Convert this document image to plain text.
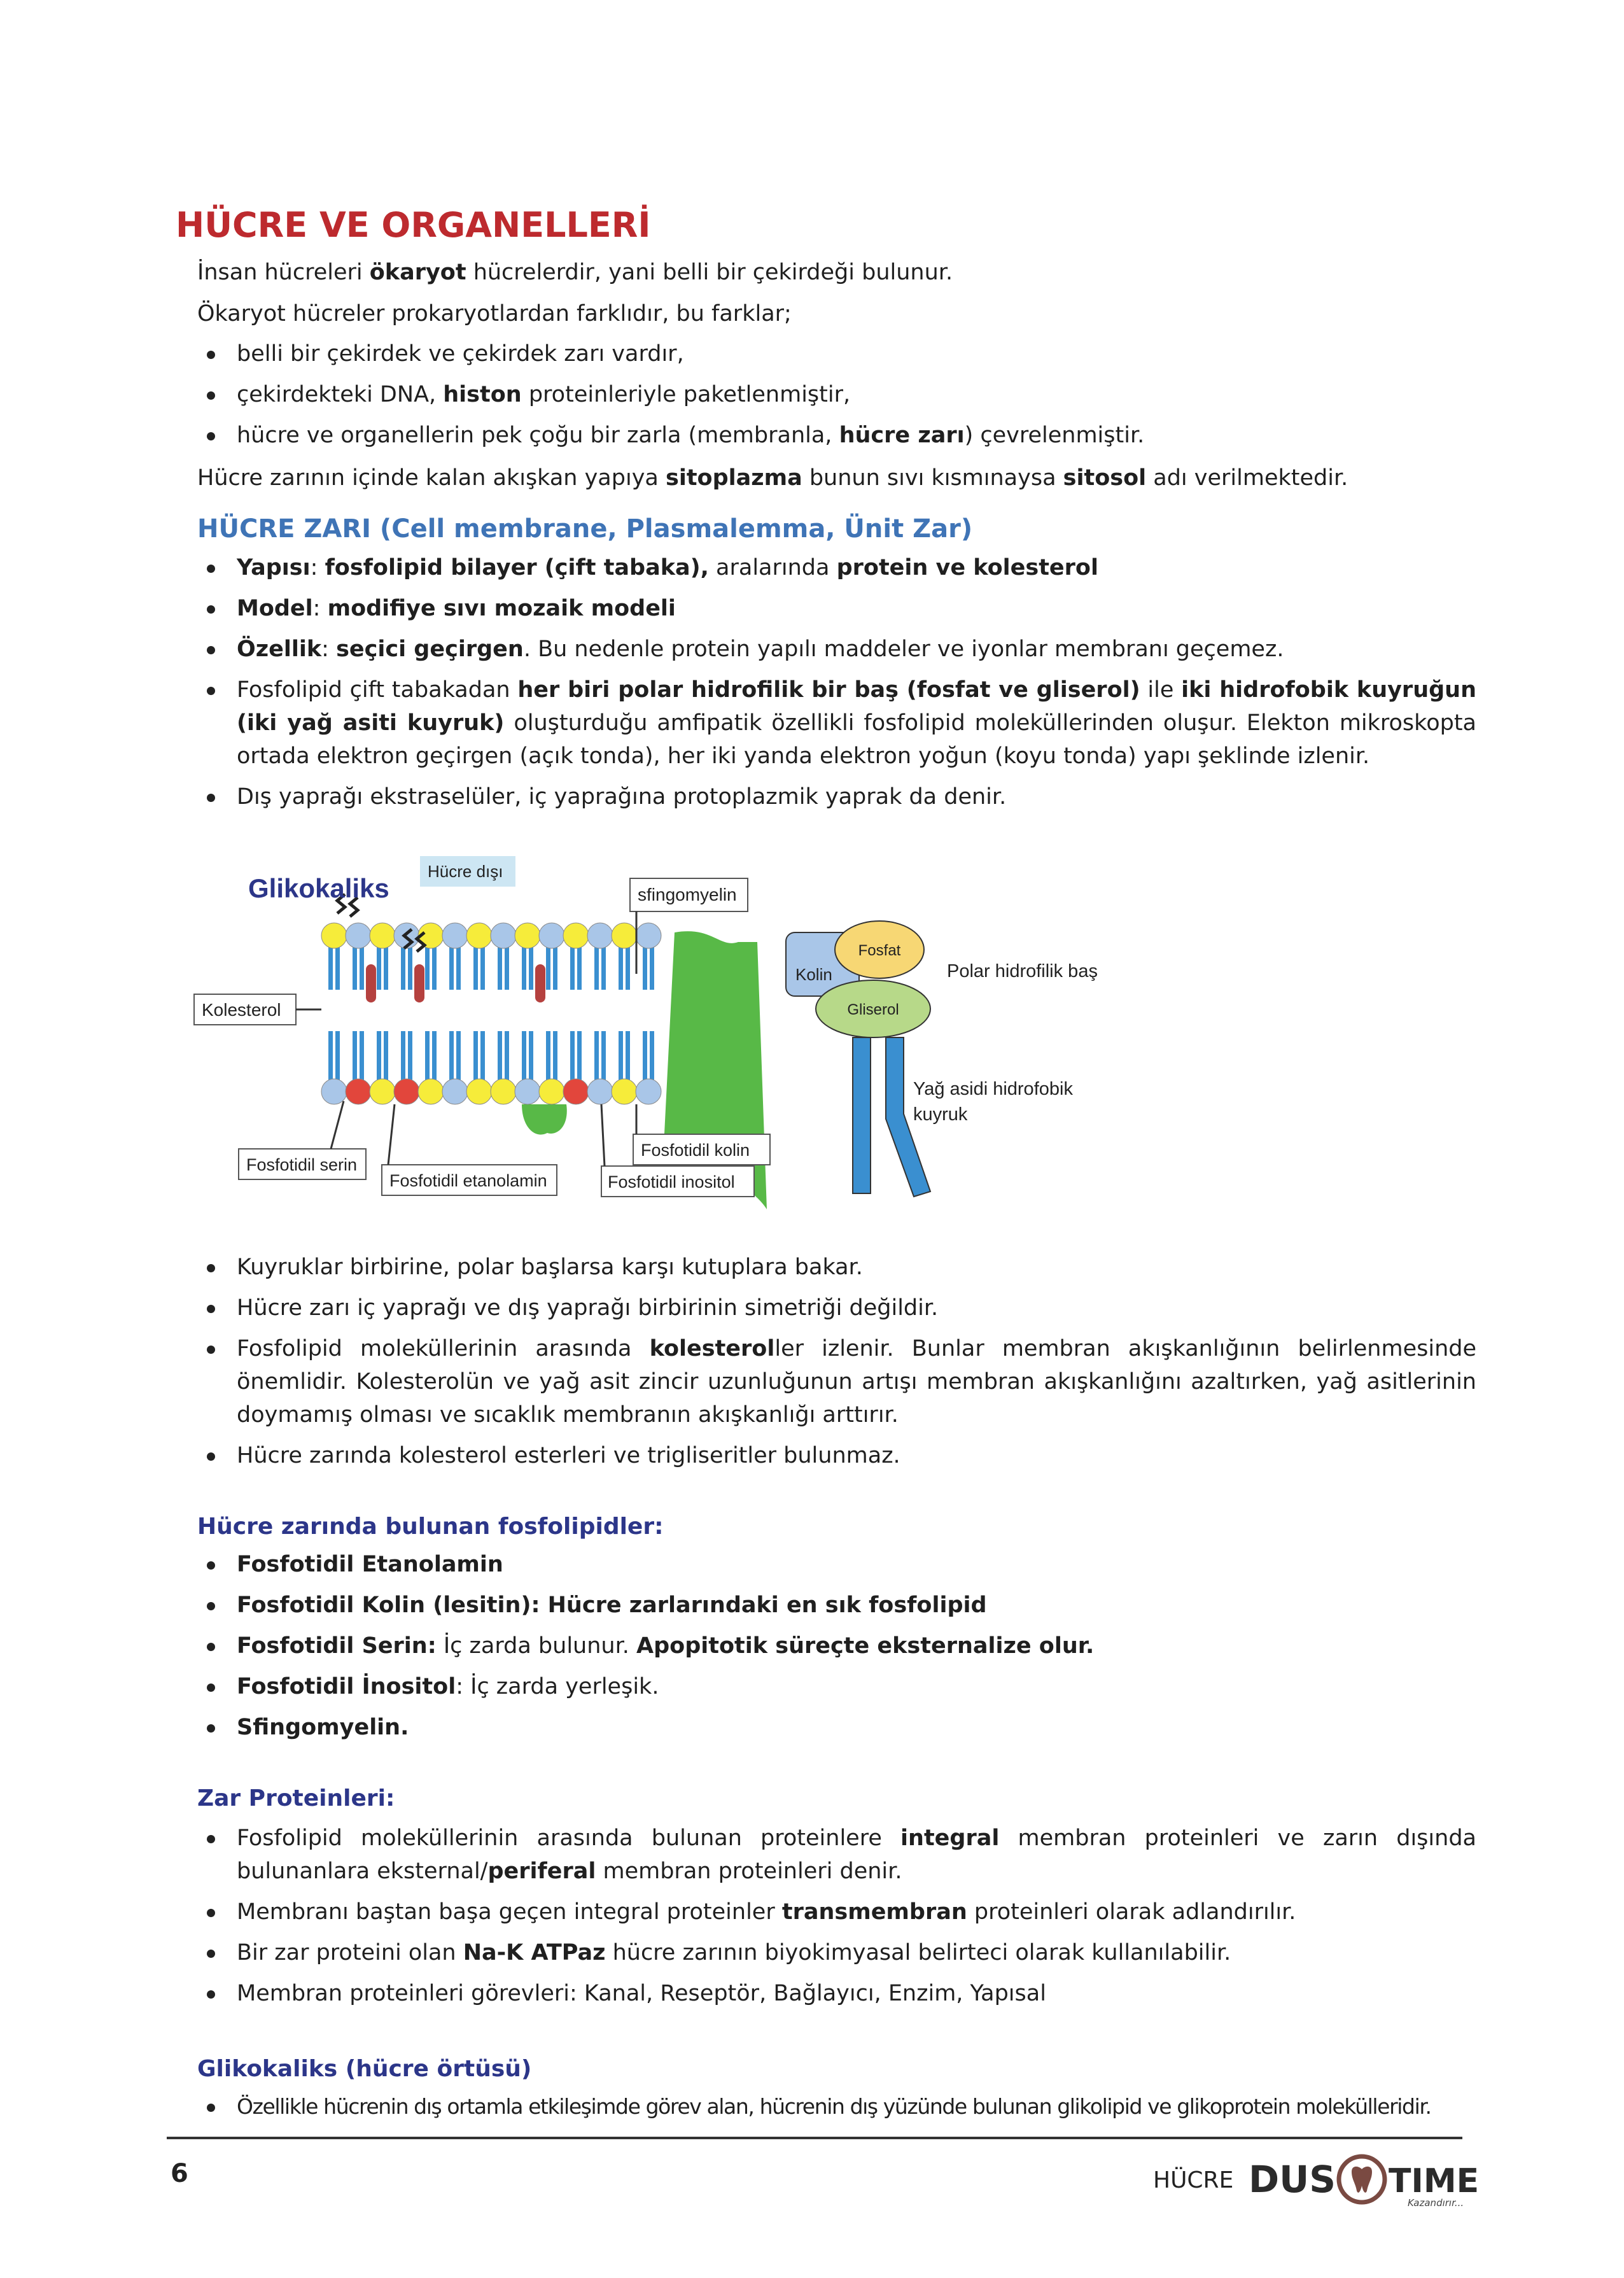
HÜCRE VE ORGANELLERİ

İnsan hücreleri ökaryot hücrelerdir, yani belli bir çekirdeği bulunur.

Ökaryot hücreler prokaryotlardan farklıdır, bu farklar;

belli bir çekirdek ve çekirdek zarı vardır,
çekirdekteki DNA, histon proteinleriyle paketlenmiştir,
hücre ve organellerin pek çoğu bir zarla (membranla, hücre zarı) çevrelenmiştir.

Hücre zarının içinde kalan akışkan yapıya sitoplazma bunun sıvı kısmınaysa sitosol adı verilmektedir.

HÜCRE ZARI (Cell membrane, Plasmalemma, Ünit Zar)
Yapısı: fosfolipid bilayer (çift tabaka), aralarında protein ve kolesterol
Model: modifiye sıvı mozaik modeli
Özellik: seçici geçirgen. Bu nedenle protein yapılı maddeler ve iyonlar membranı geçemez.
Fosfolipid çift tabakadan her biri polar hidrofilik bir baş (fosfat ve gliserol) ile iki hidrofobik kuyruğun (iki yağ asiti kuyruk) oluşturduğu amfipatik özellikli fosfolipid moleküllerinden oluşur. Elekton mikroskopta ortada elektron geçirgen (açık tonda), her iki yanda elektron yoğun (koyu tonda) yapı şeklinde izlenir.
Dış yaprağı ekstraselüler, iç yaprağına protoplazmik yaprak da denir.
Glikokaliks
Hücre dışı
sfingomyelin
Kolesterol
Fosfotidil serin
Fosfotidil etanolamin
Fosfotidil kolin
Fosfotidil inositol
Kolin
Fosfat
Gliserol
Polar hidrofilik baş
Yağ asidi hidrofobik
kuyruk
Kuyruklar birbirine, polar başlarsa karşı kutuplara bakar.
Hücre zarı iç yaprağı ve dış yaprağı birbirinin simetriği değildir.
Fosfolipid moleküllerinin arasında kolesteroller izlenir. Bunlar membran akışkanlığının belirlenmesinde önemlidir. Kolesterolün ve yağ asit zincir uzunluğunun artışı membran akışkanlığını azaltırken, yağ asitlerinin doymamış olması ve sıcaklık membranın akışkanlığı arttırır.
Hücre zarında kolesterol esterleri ve trigliseritler bulunmaz.
Hücre zarında bulunan fosfolipidler:
Fosfotidil Etanolamin
Fosfotidil Kolin (lesitin): Hücre zarlarındaki en sık fosfolipid
Fosfotidil Serin: İç zarda bulunur. Apopitotik süreçte eksternalize olur.
Fosfotidil İnositol: İç zarda yerleşik.
Sfingomyelin.
Zar Proteinleri:
Fosfolipid moleküllerinin arasında bulunan proteinlere integral membran proteinleri ve zarın dışında bulunanlara eksternal/periferal membran proteinleri denir.
Membranı baştan başa geçen integral proteinler transmembran proteinleri olarak adlandırılır.
Bir zar proteini olan Na-K ATPaz hücre zarının biyokimyasal belirteci olarak kullanılabilir.
Membran proteinleri görevleri: Kanal, Reseptör, Bağlayıcı, Enzim, Yapısal
Glikokaliks (hücre örtüsü)
Özellikle hücrenin dış ortamla etkileşimde görev alan, hücrenin dış yüzünde bulunan glikolipid ve glikoprotein molekülleridir.
6	HÜCRE DUS TIME
Kazandırır...
